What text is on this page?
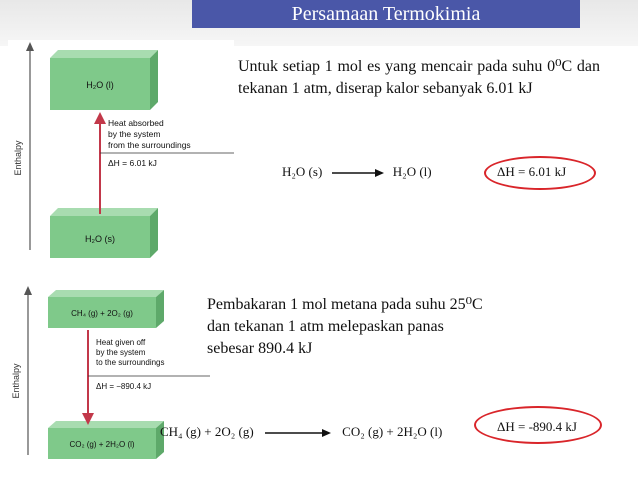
Persamaan Termokimia
Enthalpy
H₂O (l)
H₂O (s)
Heat absorbed by the system from the surroundings
ΔH = 6.01 kJ
Enthalpy
CH₄ (g) + 2O₂ (g)
CO₂ (g) + 2H₂O (l)
Heat given off by the system to the surroundings
ΔH = −890.4 kJ
Untuk setiap 1 mol es yang mencair pada suhu 0⁰C dan tekanan 1 atm, diserap kalor sebanyak 6.01 kJ
H₂O (s) → H₂O (l)	ΔH = 6.01 kJ
Pembakaran 1 mol metana pada suhu 25⁰C
dan tekanan 1 atm melepaskan panas
sebesar 890.4 kJ
CH₄ (g) + 2O₂ (g)	CO₂ (g) + 2H₂O (l)	ΔH = -890.4 kJ
